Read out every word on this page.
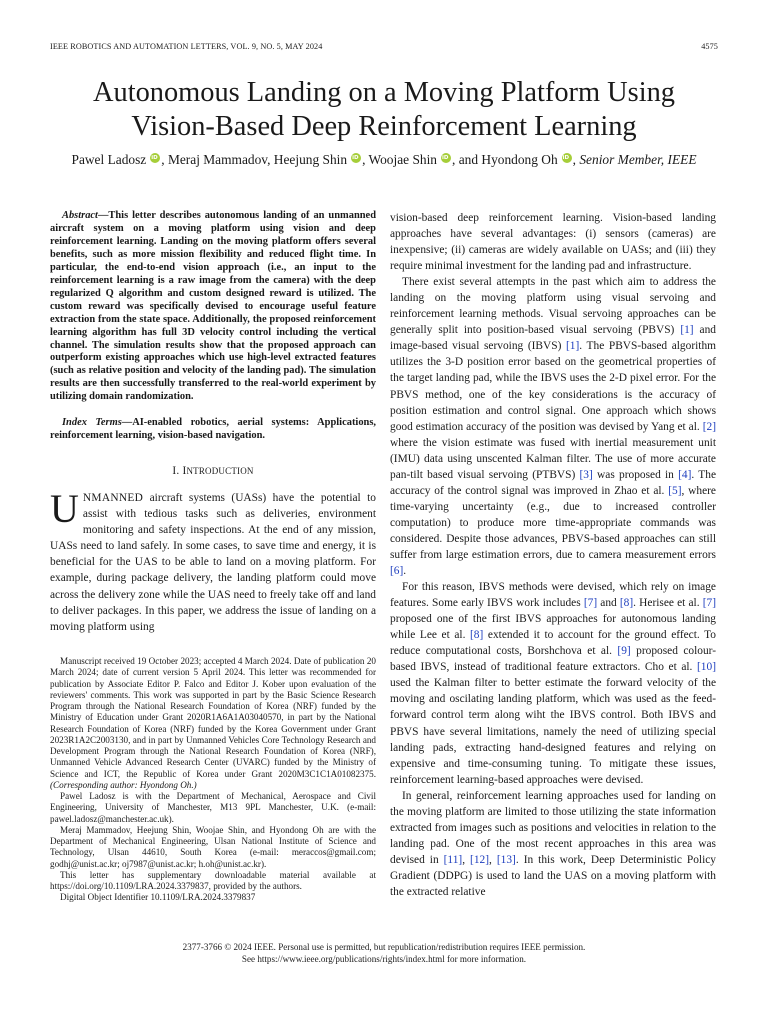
IEEE ROBOTICS AND AUTOMATION LETTERS, VOL. 9, NO. 5, MAY 2024	4575
Autonomous Landing on a Moving Platform Using
Vision-Based Deep Reinforcement Learning
Pawel Ladosz iD , Meraj Mammadov, Heejung Shin iD , Woojae Shin iD , and Hyondong Oh iD , Senior Member, IEEE

Abstract—This letter describes autonomous landing of an unmanned aircraft system on a moving platform using vision and deep reinforcement learning. Landing on the moving platform offers several benefits, such as more mission flexibility and reduced flight time. In particular, the end-to-end vision approach (i.e., an input to the reinforcement learning is a raw image from the camera) with the deep regularized Q algorithm and custom designed reward is utilized. The custom reward was specifically devised to encourage useful feature extraction from the state space. Additionally, the proposed reinforcement learning algorithm has full 3D velocity control including the vertical channel. The simulation results show that the proposed approach can outperform existing approaches which use high-level extracted features (such as relative position and velocity of the landing pad). The simulation results are then successfully transferred to the real-world experiment by utilizing domain randomization.

Index Terms—AI-enabled robotics, aerial systems: Applications, reinforcement learning, vision-based navigation.

I. INTRODUCTION

UNMANNED aircraft systems (UASs) have the potential to assist with tedious tasks such as deliveries, environment monitoring and safety inspections. At the end of any mission, UASs need to land safely. In some cases, to save time and energy, it is beneficial for the UAS to be able to land on a moving platform. For example, during package delivery, the landing platform could move across the delivery zone while the UAS need to freely take off and land to deliver packages. In this paper, we address the issue of landing on a moving platform using

Manuscript received 19 October 2023; accepted 4 March 2024. Date of publication 20 March 2024; date of current version 5 April 2024. This letter was recommended for publication by Associate Editor P. Falco and Editor J. Kober upon evaluation of the reviewers' comments. This work was supported in part by the Basic Science Research Program through the National Research Foundation of Korea (NRF) funded by the Ministry of Education under Grant 2020R1A6A1A03040570, in part by the National Research Foundation of Korea (NRF) funded by the Korea Government under Grant 2023R1A2C2003130, and in part by Unmanned Vehicles Core Technology Research and Development Program through the National Research Foundation of Korea (NRF), Unmanned Vehicle Advanced Research Center (UVARC) funded by the Ministry of Science and ICT, the Republic of Korea under Grant 2020M3C1C1A01082375. (Corresponding author: Hyondong Oh.)

Pawel Ladosz is with the Department of Mechanical, Aerospace and Civil Engineering, University of Manchester, M13 9PL Manchester, U.K. (e-mail: pawel.ladosz@manchester.ac.uk).

Meraj Mammadov, Heejung Shin, Woojae Shin, and Hyondong Oh are with the Department of Mechanical Engineering, Ulsan National Institute of Science and Technology, Ulsan 44610, South Korea (e-mail: meraccos@gmail.com; godhj@unist.ac.kr; oj7987@unist.ac.kr; h.oh@unist.ac.kr).

This letter has supplementary downloadable material available at https://doi.org/10.1109/LRA.2024.3379837, provided by the authors.

Digital Object Identifier 10.1109/LRA.2024.3379837

vision-based deep reinforcement learning. Vision-based landing approaches have several advantages: (i) sensors (cameras) are inexpensive; (ii) cameras are widely available on UASs; and (iii) they require minimal investment for the landing pad and infrastructure.

There exist several attempts in the past which aim to address the landing on the moving platform using visual servoing and reinforcement learning methods. Visual servoing approaches can be generally split into position-based visual servoing (PBVS) [1] and image-based visual servoing (IBVS) [1]. The PBVS-based algorithm utilizes the 3-D position error based on the geometrical properties of the target landing pad, while the IBVS uses the 2-D pixel error. For the PBVS method, one of the key considerations is the accuracy of position estimation and control signal. One approach which shows good estimation accuracy of the position was devised by Yang et al. [2] where the vision estimate was fused with inertial measurement unit (IMU) data using unscented Kalman filter. The use of more accurate pan-tilt based visual servoing (PTBVS) [3] was proposed in [4]. The accuracy of the control signal was improved in Zhao et al. [5], where time-varying uncertainty (e.g., due to increased controller computation) to produce more time-appropriate commands was considered. Despite those advances, PBVS-based approaches can still suffer from large estimation errors, due to camera measurement errors [6].

For this reason, IBVS methods were devised, which rely on image features. Some early IBVS work includes [7] and [8]. Herisee et al. [7] proposed one of the first IBVS approaches for autonomous landing while Lee et al. [8] extended it to account for the ground effect. To reduce computational costs, Borshchova et al. [9] proposed colour-based IBVS, instead of traditional feature extractors. Cho et al. [10] used the Kalman filter to better estimate the forward velocity of the moving and oscilating landing platform, which was used as the feed-forward control term along wiht the IBVS control. Both IBVS and PBVS have several limitations, namely the need of utilizing special landing pads, extracting hand-designed features and relying on expensive and time-consuming tuning. To mitigate these issues, reinforcement learning-based approaches were devised.

In general, reinforcement learning approaches used for landing on the moving platform are limited to those utilizing the state information extracted from images such as positions and velocities in relation to the landing pad. One of the most recent approaches in this area was devised in [11], [12], [13]. In this work, Deep Deterministic Policy Gradient (DDPG) is used to land the UAS on a moving platform with the extracted relative

2377-3766 © 2024 IEEE. Personal use is permitted, but republication/redistribution requires IEEE permission.
See https://www.ieee.org/publications/rights/index.html for more information.
